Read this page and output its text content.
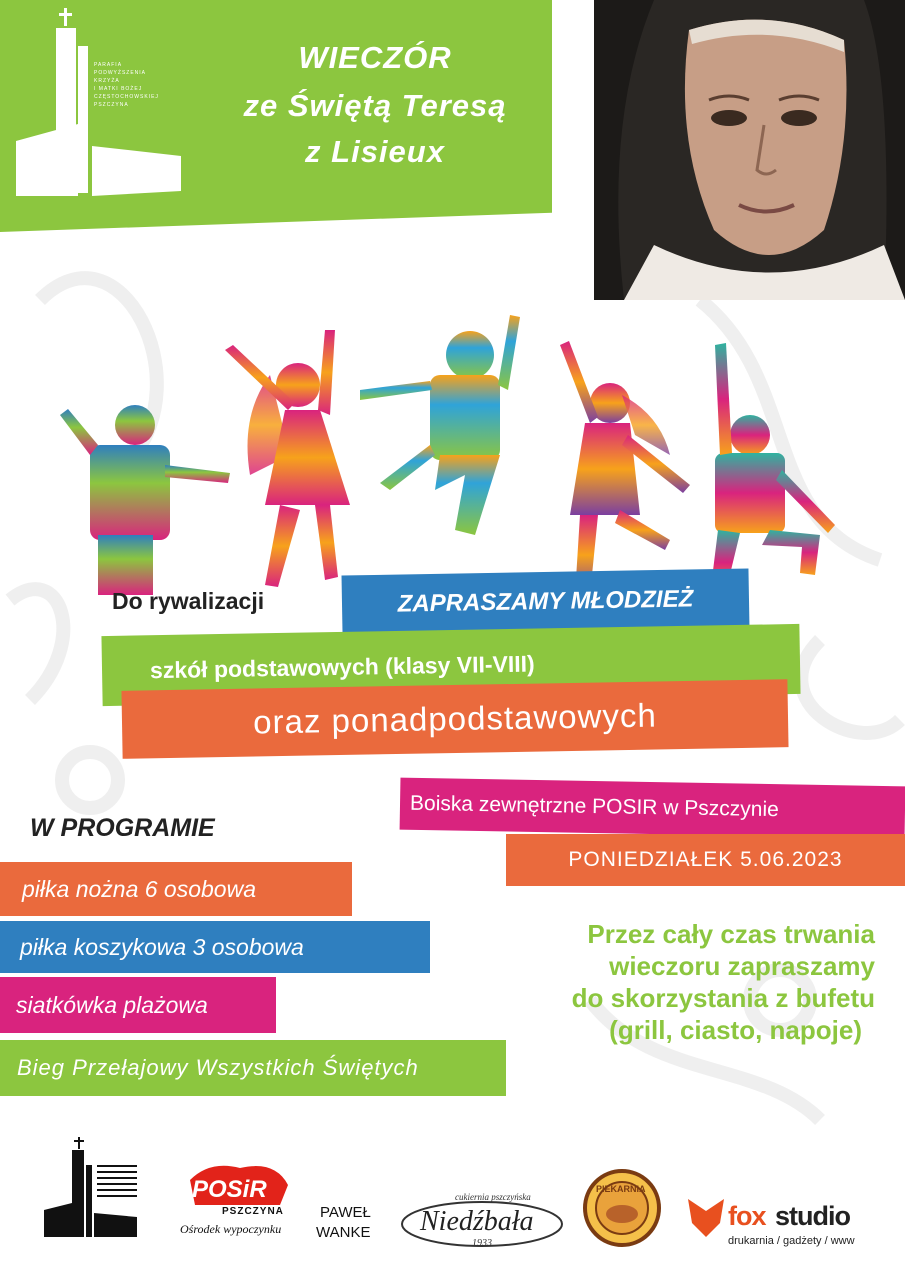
PARAFIA
PODWYŻSZENIA
KRZYŻA
I MATKI BOŻEJ
CZĘSTOCHOWSKIEJ
PSZCZYNA
WIECZÓR
ze Świętą Teresą
z Lisieux
Do rywalizacji	ZAPRASZAMY MŁODZIEŻ
szkół podstawowych (klasy VII-VIII)
oraz ponadpodstawowych
Boiska zewnętrzne POSIR w Pszczynie
PONIEDZIAŁEK 5.06.2023
W PROGRAMIE
piłka nożna 6 osobowa
piłka koszykowa 3 osobowa
siatkówka plażowa
Bieg Przełajowy Wszystkich Świętych
Przez cały czas trwania
wieczoru zapraszamy
do skorzystania z bufetu
(grill, ciasto, napoje)
POSiR
PSZCZYNA
Ośrodek wypoczynku
PAWEŁ
WANKE
cukiernia pszczyńska
Niedźbała
1933
PIEKARNIA
fox studio
drukarnia / gadżety / www
